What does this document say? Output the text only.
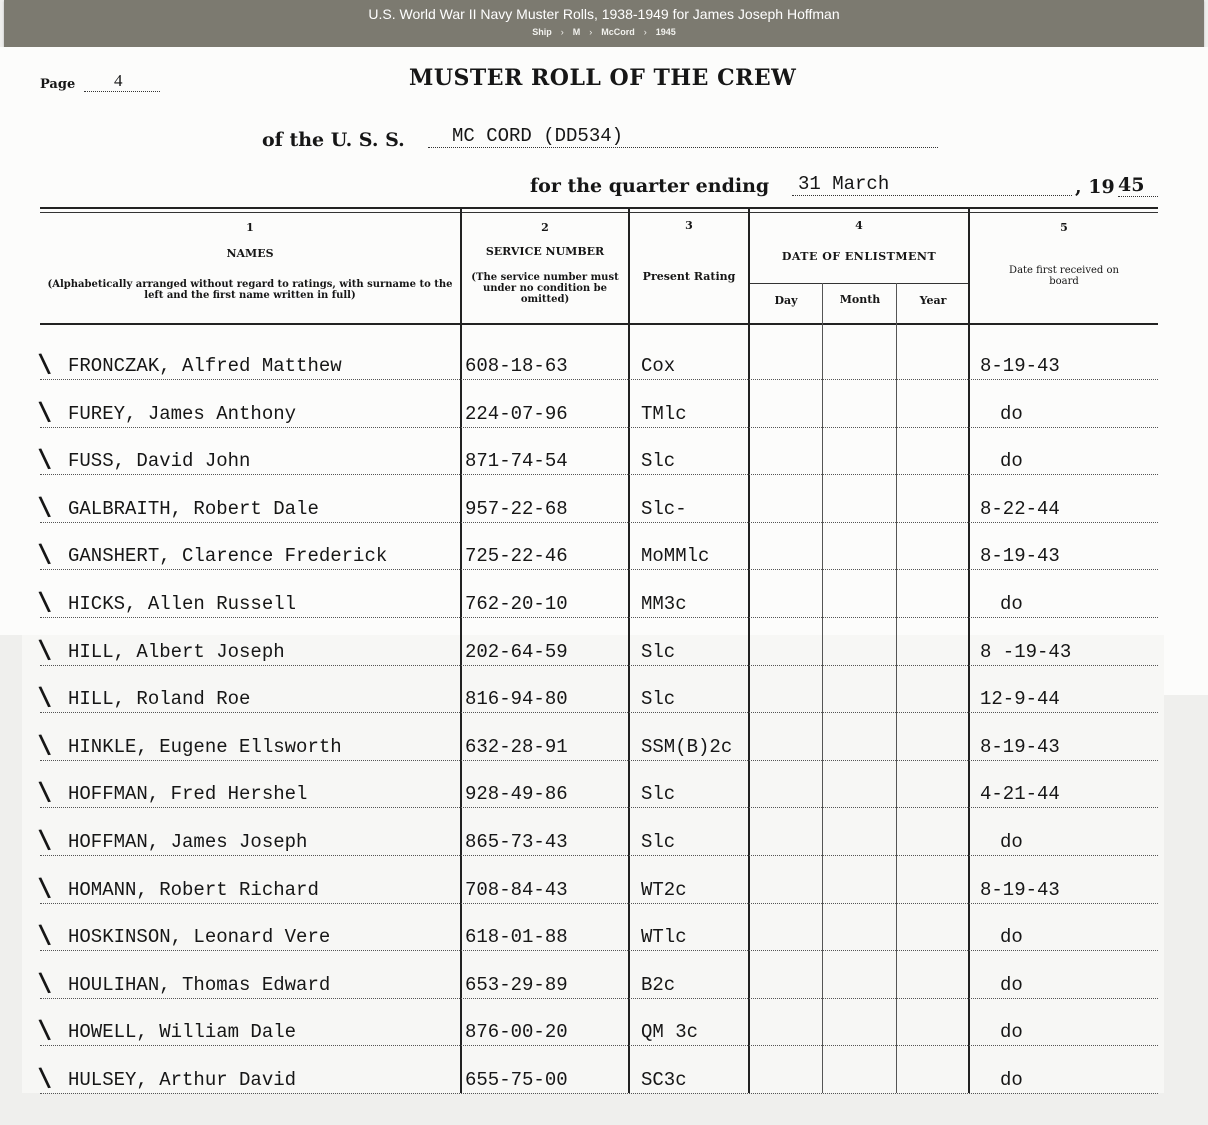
U.S. World War II Navy Muster Rolls, 1938-1949 for James Joseph Hoffman
Ship › M › McCord › 1945
Page	4	MUSTER ROLL OF THE CREW
of the U. S. S.	MC CORD (DD534)
for the quarter ending	31 March	, 19 45
1
NAMES
(Alphabetically arranged without regard to ratings, with surname to the left and the first name written in full)
2
SERVICE NUMBER
(The service number must under no condition be omitted)
3
Present Rating
4
DATE OF ENLISTMENT
Day	Month	Year
5
Date first received on board
\ FRONCZAK, Alfred Matthew	608-18-63	Cox	8-19-43
\ FUREY, James Anthony	224-07-96	TMlc	do
\ FUSS, David John	871-74-54	Slc	do
\ GALBRAITH, Robert Dale	957-22-68	Slc-	8-22-44
\ GANSHERT, Clarence Frederick	725-22-46	MoMMlc	8-19-43
\ HICKS, Allen Russell	762-20-10	MM3c	do
\ HILL, Albert Joseph	202-64-59	Slc	8 -19-43
\ HILL, Roland Roe	816-94-80	Slc	12-9-44
\ HINKLE, Eugene Ellsworth	632-28-91	SSM(B)2c	8-19-43
\ HOFFMAN, Fred Hershel	928-49-86	Slc	4-21-44
\ HOFFMAN, James Joseph	865-73-43	Slc	do
\ HOMANN, Robert Richard	708-84-43	WT2c	8-19-43
\ HOSKINSON, Leonard Vere	618-01-88	WTlc	do
\ HOULIHAN, Thomas Edward	653-29-89	B2c	do
\ HOWELL, William Dale	876-00-20	QM 3c	do
\ HULSEY, Arthur David	655-75-00	SC3c	do
